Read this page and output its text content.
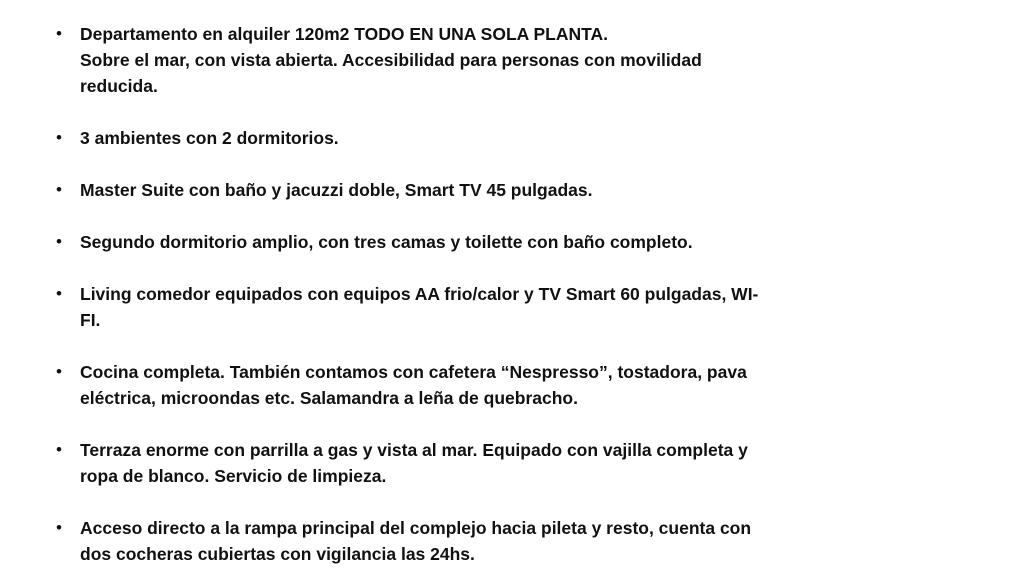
• Departamento en alquiler 120m2 TODO EN UNA SOLA PLANTA.
Sobre el mar, con vista abierta. Accesibilidad para personas con movilidad
reducida.
• 3 ambientes con 2 dormitorios.
• Master Suite con baño y jacuzzi doble, Smart TV 45 pulgadas.
• Segundo dormitorio amplio, con tres camas y toilette con baño completo.
• Living comedor equipados con equipos AA frio/calor y TV Smart 60 pulgadas, WI-
FI.
• Cocina completa. También contamos con cafetera “Nespresso”, tostadora, pava
eléctrica, microondas etc. Salamandra a leña de quebracho.
• Terraza enorme con parrilla a gas y vista al mar. Equipado con vajilla completa y
ropa de blanco. Servicio de limpieza.
• Acceso directo a la rampa principal del complejo hacia pileta y resto, cuenta con
dos cocheras cubiertas con vigilancia las 24hs.
